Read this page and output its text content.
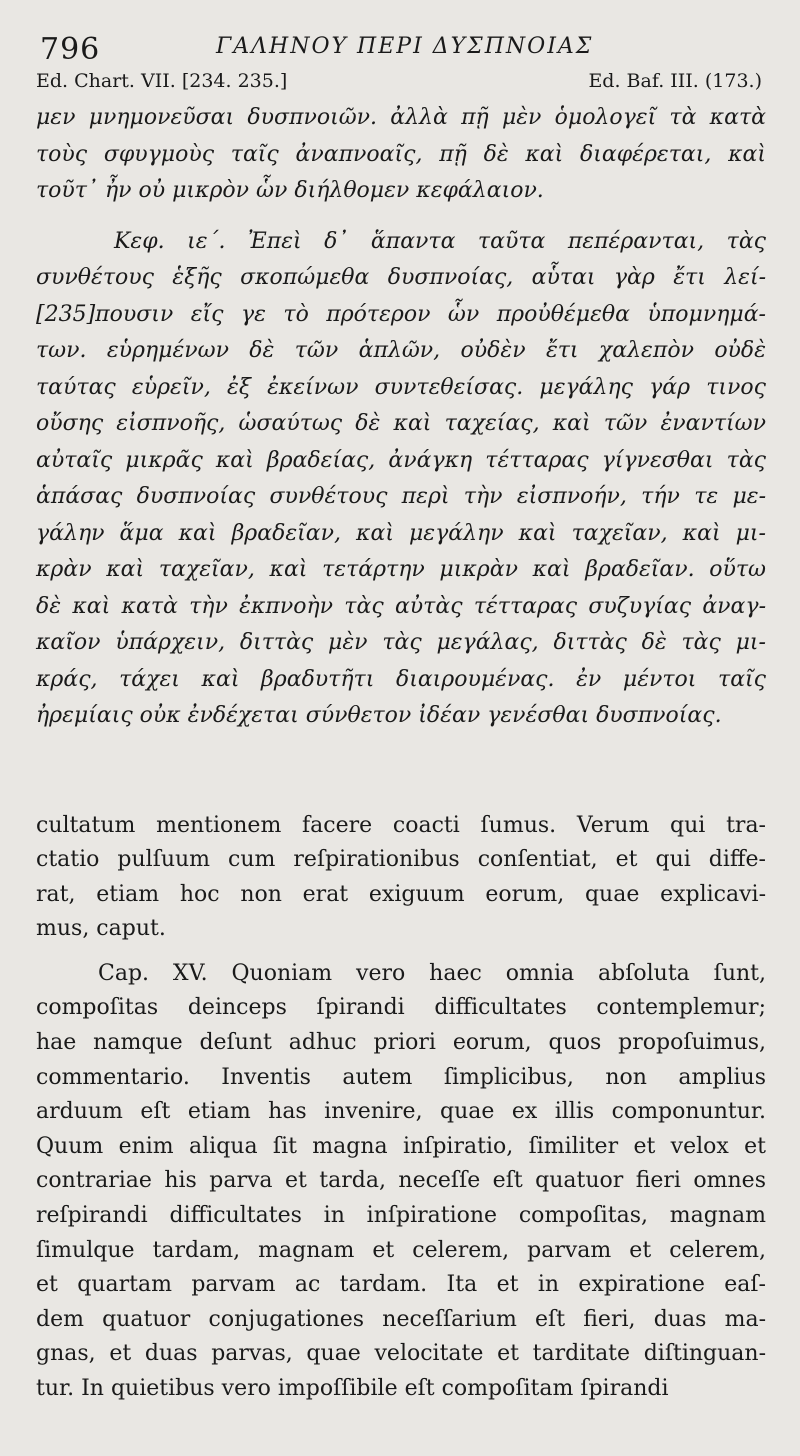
796	ΓΑΛΗΝΟΥ ΠΕΡΙ ΔΥΣΠΝΟΙΑΣ
Ed. Chart. VII. [234. 235.]	Ed. Baf. III. (173.)
μεν μνημονεῦσαι δυσπνοιῶν. ἀλλὰ πῇ μὲν ὁμολογεῖ τὰ κατὰ
τοὺς σφυγμοὺς ταῖς ἀναπνοαῖς, πῇ δὲ καὶ διαφέρεται, καὶ
τοῦτ᾽ ἦν οὐ μικρὸν ὧν διήλθομεν κεφάλαιον.
Κεφ. ιε΄. Ἐπεὶ δ᾽ ἅπαντα ταῦτα πεπέρανται, τὰς
συνθέτους ἑξῆς σκοπώμεθα δυσπνοίας, αὗται γὰρ ἔτι λεί-
[235]πουσιν εἴς γε τὸ πρότερον ὧν προὐθέμεθα ὑπομνημά-
των. εὑρημένων δὲ τῶν ἁπλῶν, οὐδὲν ἔτι χαλεπὸν οὐδὲ
ταύτας εὑρεῖν, ἐξ ἐκείνων συντεθείσας. μεγάλης γάρ τινος
οὔσης εἰσπνοῆς, ὡσαύτως δὲ καὶ ταχείας, καὶ τῶν ἐναντίων
αὐταῖς μικρᾶς καὶ βραδείας, ἀνάγκη τέτταρας γίγνεσθαι τὰς
ἁπάσας δυσπνοίας συνθέτους περὶ τὴν εἰσπνοήν, τήν τε με-
γάλην ἅμα καὶ βραδεῖαν, καὶ μεγάλην καὶ ταχεῖαν, καὶ μι-
κρὰν καὶ ταχεῖαν, καὶ τετάρτην μικρὰν καὶ βραδεῖαν. οὕτω
δὲ καὶ κατὰ τὴν ἐκπνοὴν τὰς αὐτὰς τέτταρας συζυγίας ἀναγ-
καῖον ὑπάρχειν, διττὰς μὲν τὰς μεγάλας, διττὰς δὲ τὰς μι-
κράς, τάχει καὶ βραδυτῆτι διαιρουμένας. ἐν μέντοι ταῖς
ἠρεμίαις οὐκ ἐνδέχεται σύνθετον ἰδέαν γενέσθαι δυσπνοίας.
cultatum mentionem facere coacti ſumus. Verum qui tra-
ctatio pulſuum cum reſpirationibus conſentiat, et qui diffe-
rat, etiam hoc non erat exiguum eorum, quae explicavi-
mus, caput.
Cap. XV. Quoniam vero haec omnia abſoluta ſunt,
compoſitas deinceps ſpirandi difficultates contemplemur;
hae namque deſunt adhuc priori eorum, quos propoſuimus,
commentario. Inventis autem ſimplicibus, non amplius
arduum eſt etiam has invenire, quae ex illis componuntur.
Quum enim aliqua ſit magna inſpiratio, ſimiliter et velox et
contrariae his parva et tarda, neceſſe eſt quatuor fieri omnes
reſpirandi difficultates in inſpiratione compoſitas, magnam
ſimulque tardam, magnam et celerem, parvam et celerem,
et quartam parvam ac tardam. Ita et in expiratione eaſ-
dem quatuor conjugationes neceſſarium eſt fieri, duas ma-
gnas, et duas parvas, quae velocitate et tarditate diſtinguan-
tur. In quietibus vero impoſſibile eſt compoſitam ſpirandi
